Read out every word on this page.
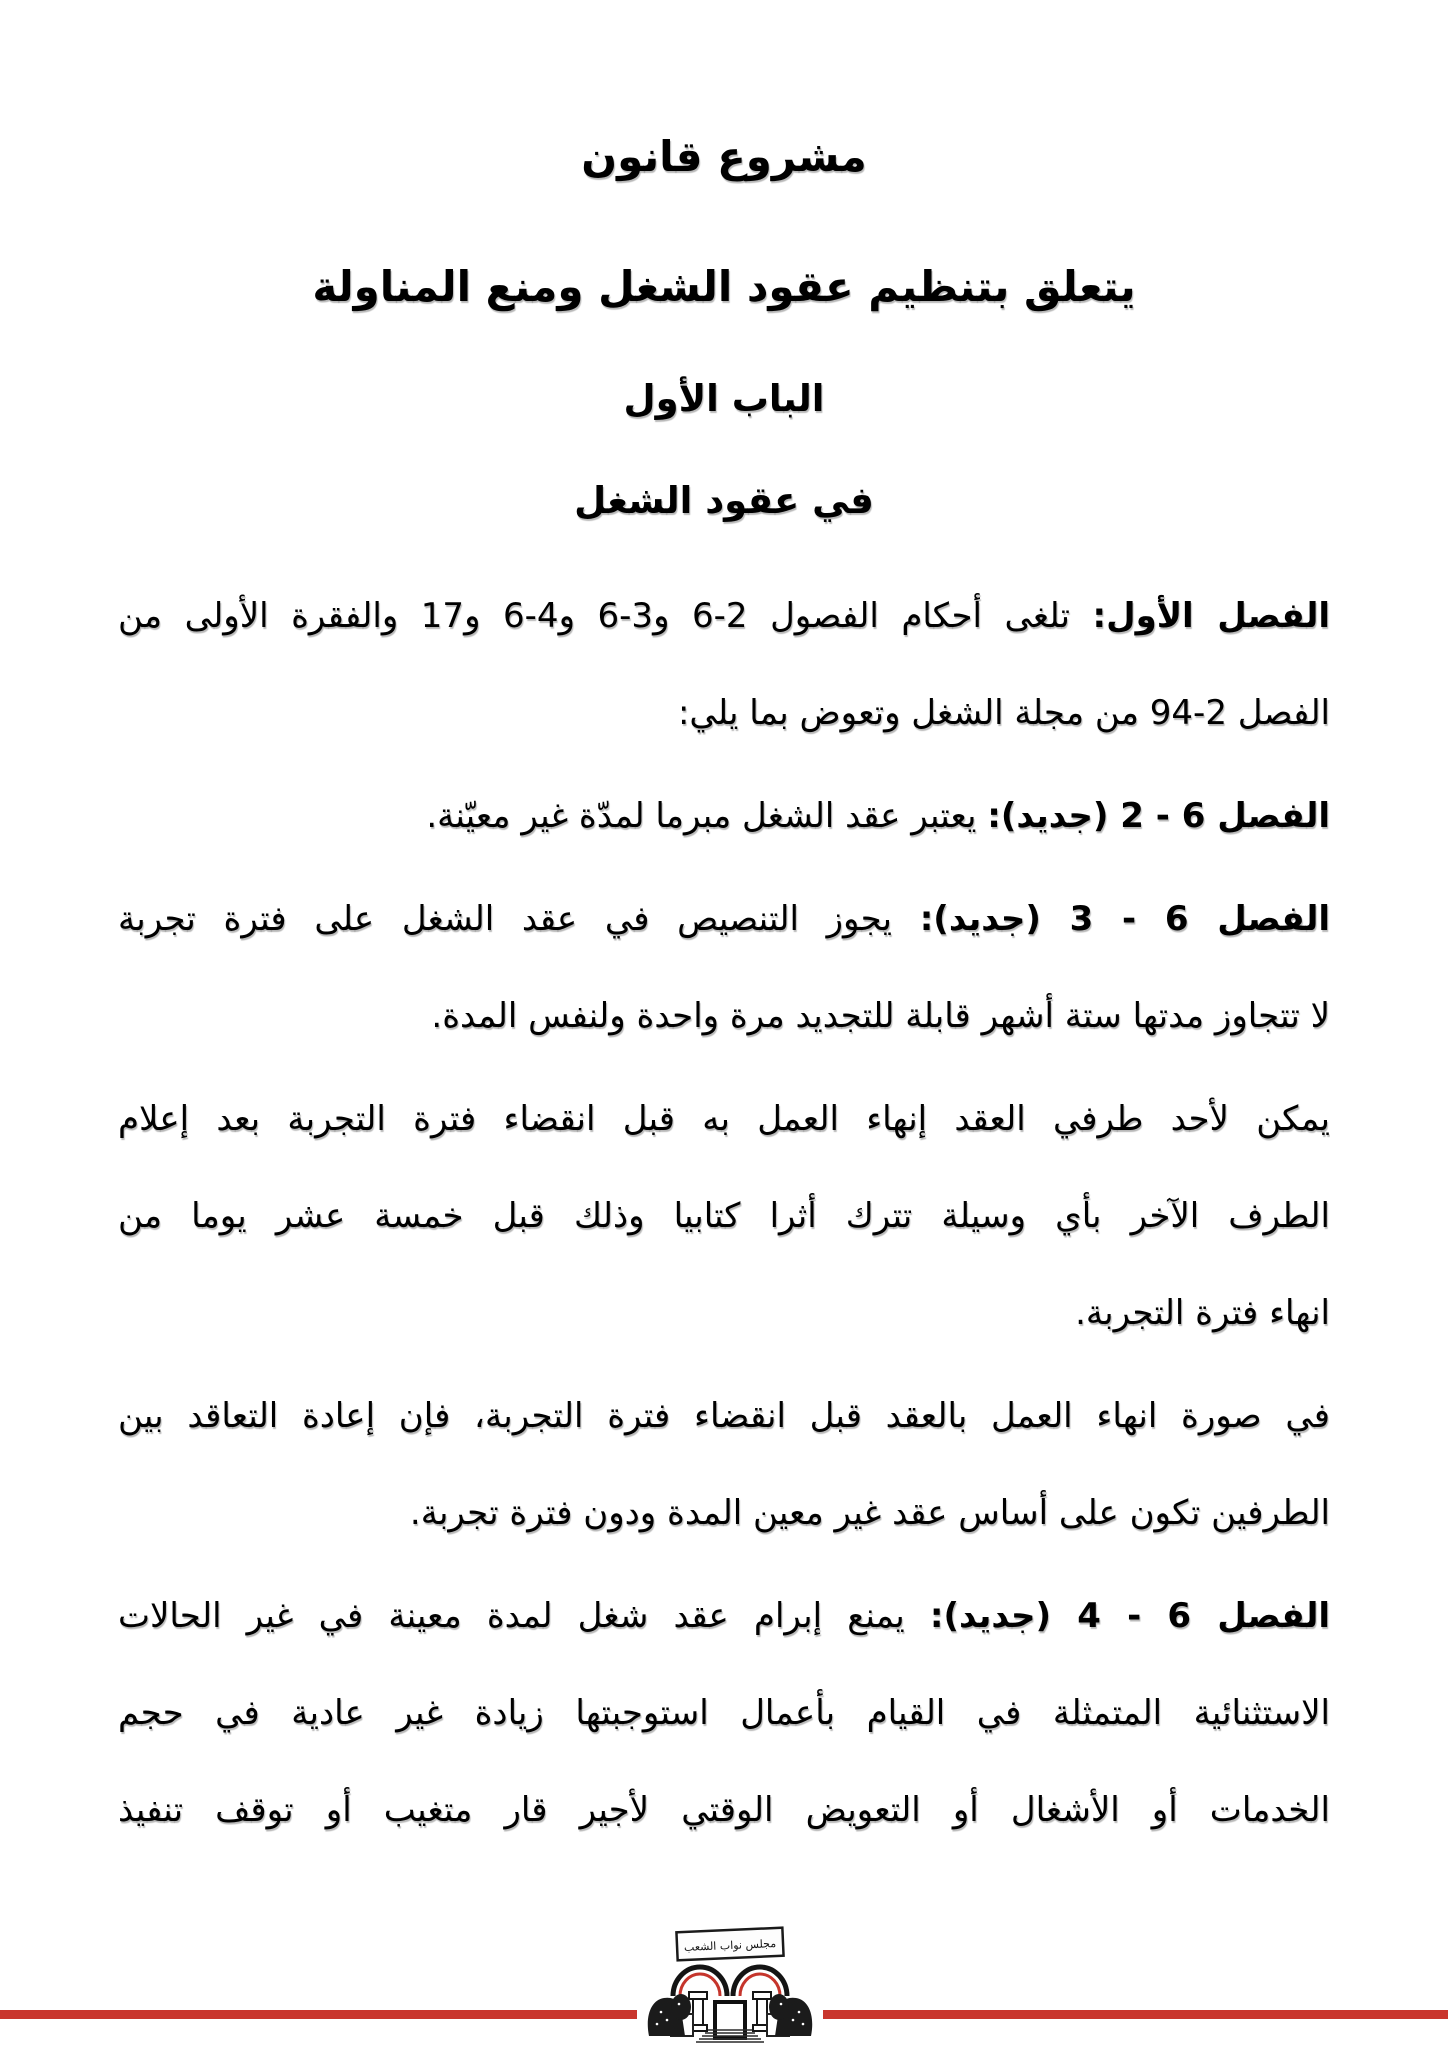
مشروع قانون
يتعلق بتنظيم عقود الشغل ومنع المناولة
الباب الأول
في عقود الشغل
الفصل الأول: تلغى أحكام الفصول 2-6 و3-6 و4-6 و17 والفقرة الأولى من
الفصل 2-94 من مجلة الشغل وتعوض بما يلي:
الفصل 6 - 2 (جديد): يعتبر عقد الشغل مبرما لمدّة غير معيّنة.
الفصل 6 - 3 (جديد): يجوز التنصيص في عقد الشغل على فترة تجربة
لا تتجاوز مدتها ستة أشهر قابلة للتجديد مرة واحدة ولنفس المدة.
يمكن لأحد طرفي العقد إنهاء العمل به قبل انقضاء فترة التجربة بعد إعلام
الطرف الآخر بأي وسيلة تترك أثرا كتابيا وذلك قبل خمسة عشر يوما من
انهاء فترة التجربة.
في صورة انهاء العمل بالعقد قبل انقضاء فترة التجربة، فإن إعادة التعاقد بين
الطرفين تكون على أساس عقد غير معين المدة ودون فترة تجربة.
الفصل 6 - 4 (جديد): يمنع إبرام عقد شغل لمدة معينة في غير الحالات
الاستثنائية المتمثلة في القيام بأعمال استوجبتها زيادة غير عادية في حجم
الخدمات أو الأشغال أو التعويض الوقتي لأجير قار متغيب أو توقف تنفيذ
مجلس نواب الشعب
